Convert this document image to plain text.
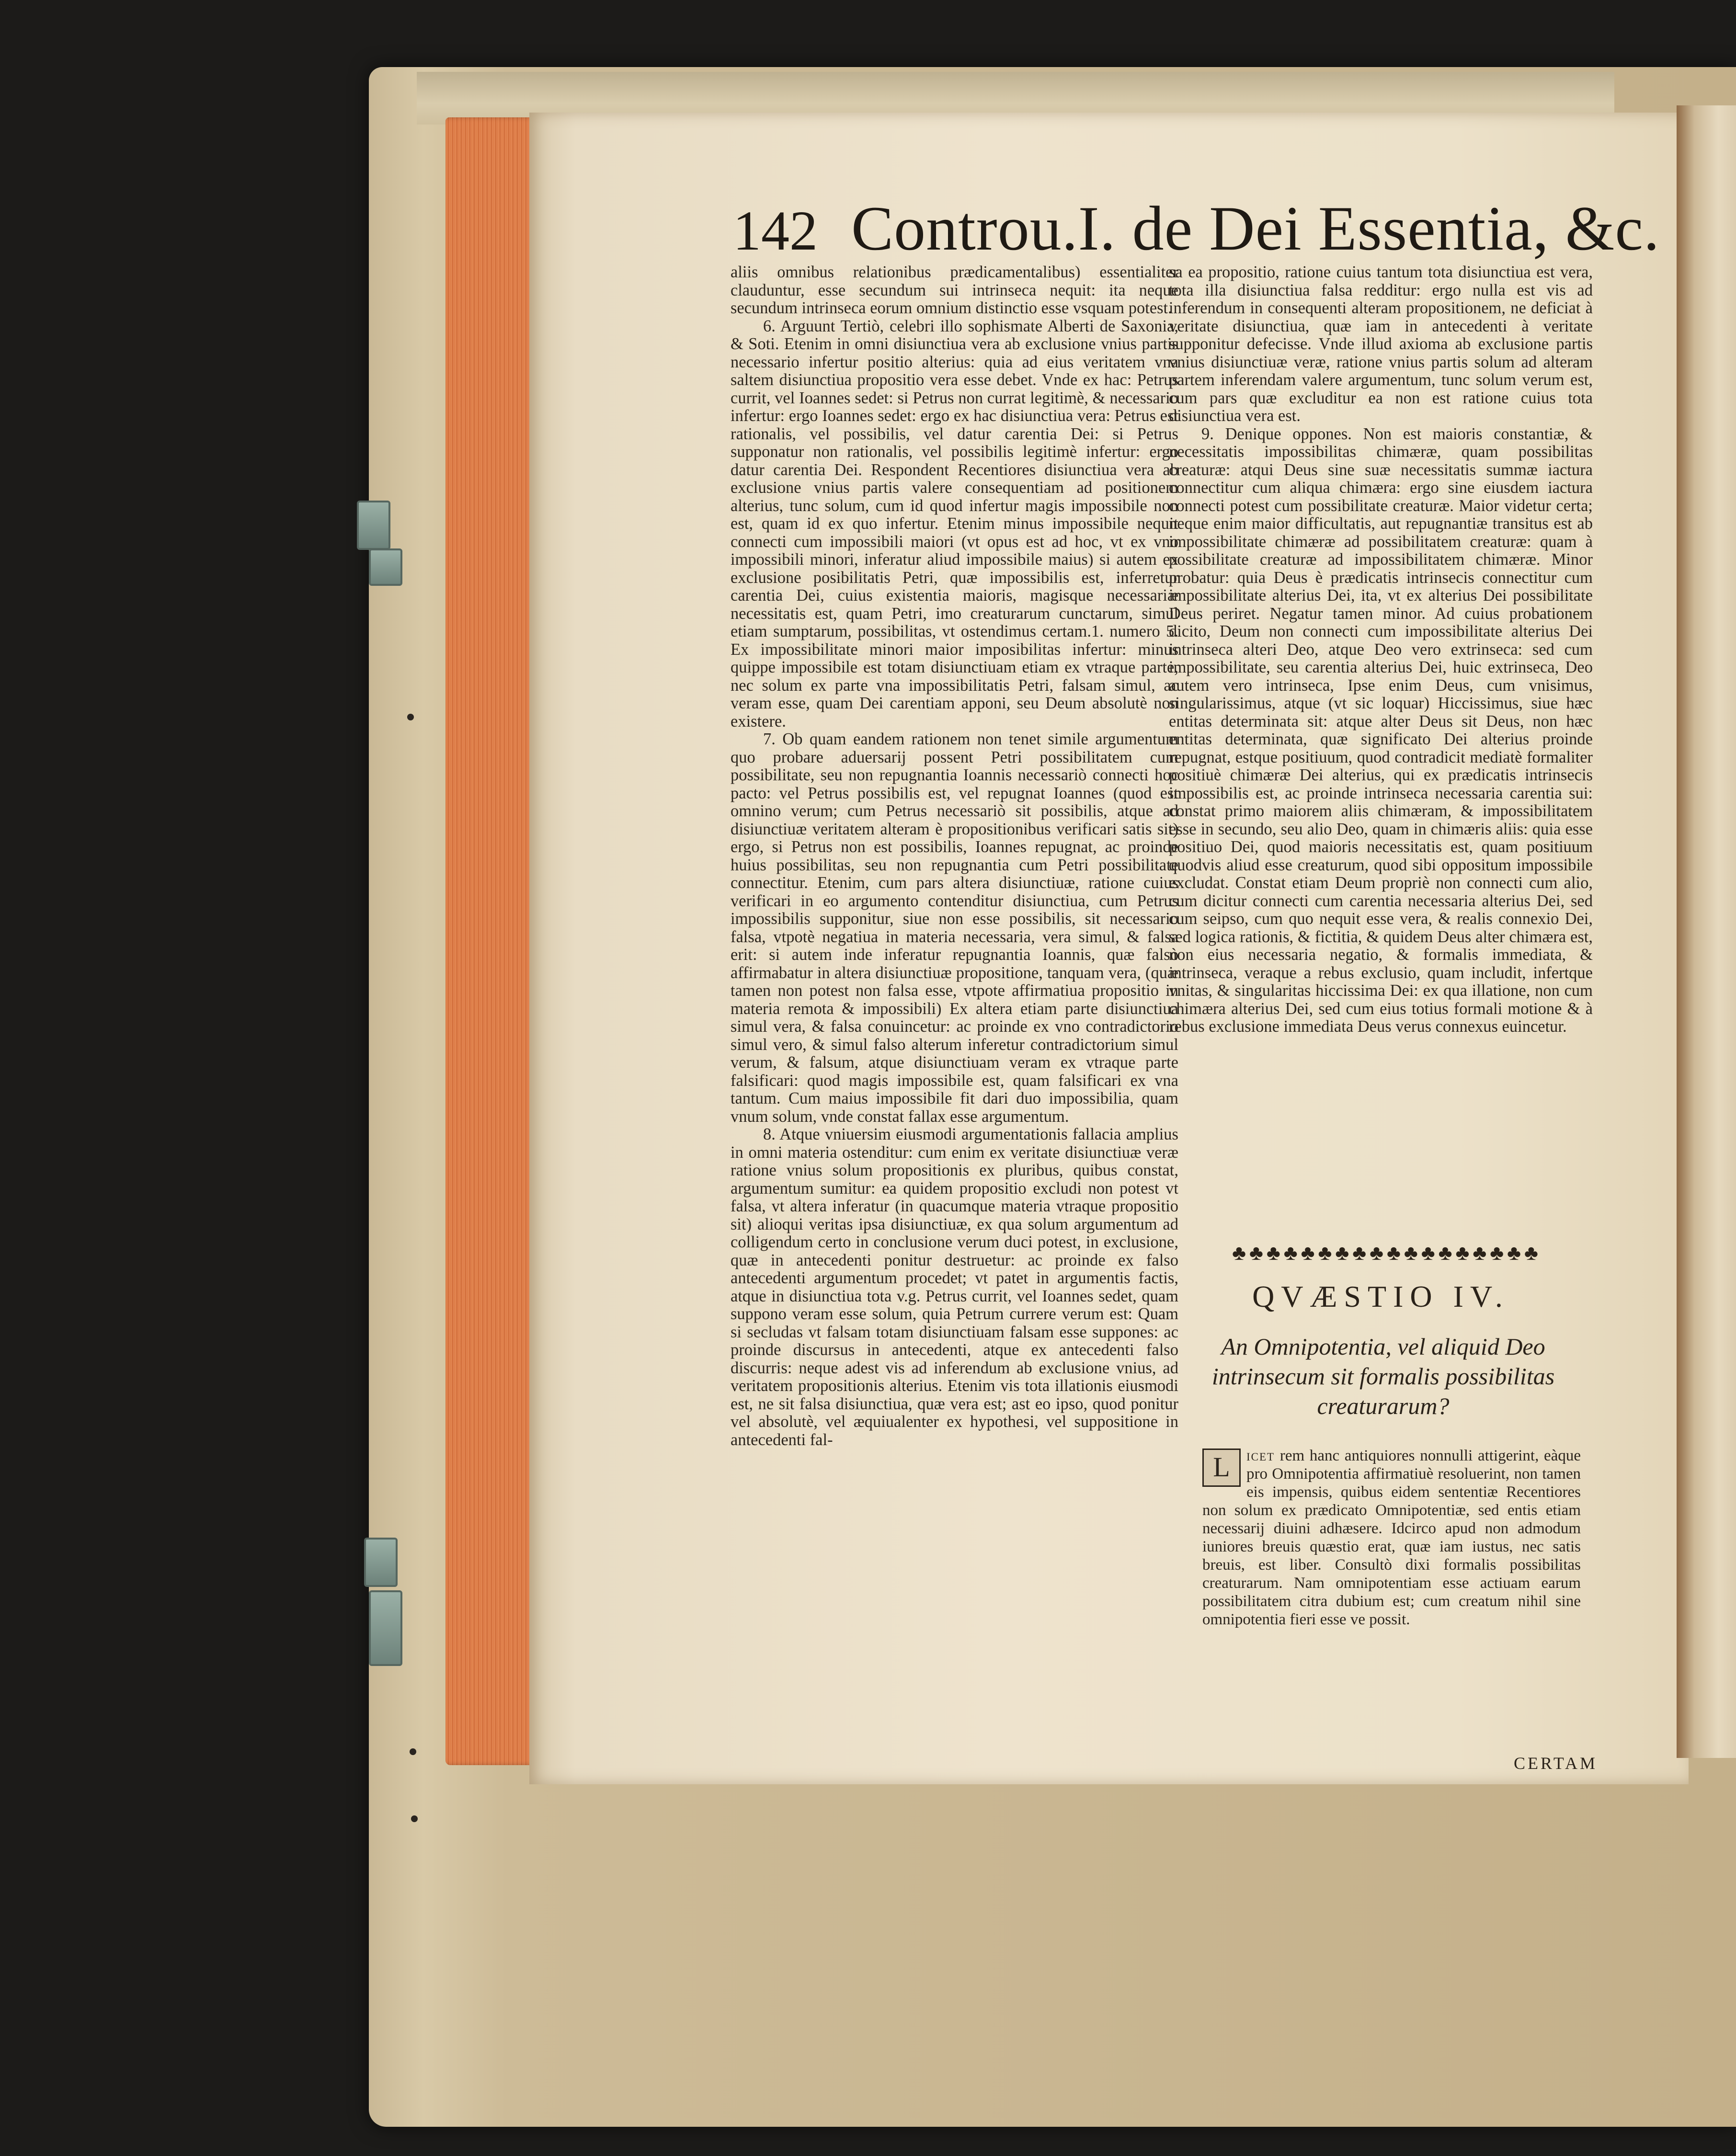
142 Controu.I. de Dei Essentia, &c.

aliis omnibus relationibus prædicamentalibus) essentialiter clauduntur, esse secundum sui intrinseca nequit: ita neque secundum intrinseca eorum omnium distinctio esse vsquam potest.

6. Arguunt Tertiò, celebri illo sophismate Alberti de Saxonia, & Soti. Etenim in omni disiunctiua vera ab exclusione vnius partis necessario infertur positio alterius: quia ad eius veritatem vna saltem disiunctiua propositio vera esse debet. Vnde ex hac: Petrus currit, vel Ioannes sedet: si Petrus non currat legitimè, & necessario infertur: ergo Ioannes sedet: ergo ex hac disiunctiua vera: Petrus est rationalis, vel possibilis, vel datur carentia Dei: si Petrus supponatur non rationalis, vel possibilis legitimè infertur: ergo datur carentia Dei. Respondent Recentiores disiunctiua vera ab exclusione vnius partis valere consequentiam ad positionem alterius, tunc solum, cum id quod infertur magis impossibile non est, quam id ex quo infertur. Etenim minus impossibile nequit connecti cum impossibili maiori (vt opus est ad hoc, vt ex vno impossibili minori, inferatur aliud impossibile maius) si autem ex exclusione posibilitatis Petri, quæ impossibilis est, inferretur carentia Dei, cuius existentia maioris, magisque necessariæ necessitatis est, quam Petri, imo creaturarum cunctarum, simul etiam sumptarum, possibilitas, vt ostendimus certam.1. numero 5. Ex impossibilitate minori maior imposibilitas infertur: minus quippe impossibile est totam disiunctiuam etiam ex vtraque parte, nec solum ex parte vna impossibilitatis Petri, falsam simul, ac veram esse, quam Dei carentiam apponi, seu Deum absolutè non existere.

7. Ob quam eandem rationem non tenet simile argumentum quo probare aduersarij possent Petri possibilitatem cum possibilitate, seu non repugnantia Ioannis necessariò connecti hoc pacto: vel Petrus possibilis est, vel repugnat Ioannes (quod est omnino verum; cum Petrus necessariò sit possibilis, atque ad disiunctiuæ veritatem alteram è propositionibus verificari satis sit) ergo, si Petrus non est possibilis, Ioannes repugnat, ac proinde huius possibilitas, seu non repugnantia cum Petri possibilitate connectitur. Etenim, cum pars altera disiunctiuæ, ratione cuius verificari in eo argumento contenditur disiunctiua, cum Petrus impossibilis supponitur, siue non esse possibilis, sit necessario falsa, vtpotè negatiua in materia necessaria, vera simul, & falsa erit: si autem inde inferatur repugnantia Ioannis, quæ falsò affirmabatur in altera disiunctiuæ propositione, tanquam vera, (quæ tamen non potest non falsa esse, vtpote affirmatiua propositio in materia remota & impossibili) Ex altera etiam parte disiunctiua simul vera, & falsa conuincetur: ac proinde ex vno contradictorio simul vero, & simul falso alterum inferetur contradictorium simul verum, & falsum, atque disiunctiuam veram ex vtraque parte falsificari: quod magis impossibile est, quam falsificari ex vna tantum. Cum maius impossibile fit dari duo impossibilia, quam vnum solum, vnde constat fallax esse argumentum.

8. Atque vniuersim eiusmodi argumentationis fallacia amplius in omni materia ostenditur: cum enim ex veritate disiunctiuæ veræ ratione vnius solum propositionis ex pluribus, quibus constat, argumentum sumitur: ea quidem propositio excludi non potest vt falsa, vt altera inferatur (in quacumque materia vtraque propositio sit) alioqui veritas ipsa disiunctiuæ, ex qua solum argumentum ad colligendum certo in conclusione verum duci potest, in exclusione, quæ in antecedenti ponitur destruetur: ac proinde ex falso antecedenti argumentum procedet; vt patet in argumentis factis, atque in disiunctiua tota v.g. Petrus currit, vel Ioannes sedet, quam suppono veram esse solum, quia Petrum currere verum est: Quam si secludas vt falsam totam disiunctiuam falsam esse suppones: ac proinde discursus in antecedenti, atque ex antecedenti falso discurris: neque adest vis ad inferendum ab exclusione vnius, ad veritatem propositionis alterius. Etenim vis tota illationis eiusmodi est, ne sit falsa disiunctiua, quæ vera est; ast eo ipso, quod ponitur vel absolutè, vel æquiualenter ex hypothesi, vel suppositione in antecedenti fal-

sa ea propositio, ratione cuius tantum tota disiunctiua est vera, tota illa disiunctiua falsa redditur: ergo nulla est vis ad inferendum in consequenti alteram propositionem, ne deficiat à veritate disiunctiua, quæ iam in antecedenti à veritate supponitur defecisse. Vnde illud axioma ab exclusione partis vnius disiunctiuæ veræ, ratione vnius partis solum ad alteram partem inferendam valere argumentum, tunc solum verum est, cum pars quæ excluditur ea non est ratione cuius tota disiunctiua vera est.

9. Denique oppones. Non est maioris constantiæ, & necessitatis impossibilitas chimæræ, quam possibilitas creaturæ: atqui Deus sine suæ necessitatis summæ iactura connectitur cum aliqua chimæra: ergo sine eiusdem iactura connecti potest cum possibilitate creaturæ. Maior videtur certa; neque enim maior difficultatis, aut repugnantiæ transitus est ab impossibilitate chimæræ ad possibilitatem creaturæ: quam à possibilitate creaturæ ad impossibilitatem chimæræ. Minor probatur: quia Deus è prædicatis intrinsecis connectitur cum impossibilitate alterius Dei, ita, vt ex alterius Dei possibilitate Deus periret. Negatur tamen minor. Ad cuius probationem dicito, Deum non connecti cum impossibilitate alterius Dei intrinseca alteri Deo, atque Deo vero extrinseca: sed cum impossibilitate, seu carentia alterius Dei, huic extrinseca, Deo autem vero intrinseca, Ipse enim Deus, cum vnisimus, singularissimus, atque (vt sic loquar) Hiccissimus, siue hæc entitas determinata sit: atque alter Deus sit Deus, non hæc entitas determinata, quæ significato Dei alterius proinde repugnat, estque positiuum, quod contradicit mediatè formaliter positiuè chimæræ Dei alterius, qui ex prædicatis intrinsecis impossibilis est, ac proinde intrinseca necessaria carentia sui: constat primo maiorem aliis chimæram, & impossibilitatem esse in secundo, seu alio Deo, quam in chimæris aliis: quia esse positiuo Dei, quod maioris necessitatis est, quam positiuum quodvis aliud esse creaturum, quod sibi oppositum impossibile excludat. Constat etiam Deum propriè non connecti cum alio, cum dicitur connecti cum carentia necessaria alterius Dei, sed cum seipso, cum quo nequit esse vera, & realis connexio Dei, sed logica rationis, & fictitia, & quidem Deus alter chimæra est, non eius necessaria negatio, & formalis immediata, & intrinseca, veraque a rebus exclusio, quam includit, infertque vnitas, & singularitas hiccissima Dei: ex qua illatione, non cum chimæra alterius Dei, sed cum eius totius formali motione & à rebus exclusione immediata Deus verus connexus euincetur.

♣♣♣♣♣♣♣♣♣♣♣♣♣♣♣♣♣♣
QVÆSTIO IV.
An Omnipotentia, vel aliquid Deo intrinsecum sit formalis possibilitas creaturarum?
L	icet rem hanc antiquiores nonnulli attigerint, eàque pro Omnipotentia affirmatiuè resoluerint, non tamen eis impensis, quibus eidem sententiæ Recentiores non solum ex prædicato Omnipotentiæ, sed entis etiam necessarij diuini adhæsere. Idcirco apud non admodum iuniores breuis quæstio erat, quæ iam iustus, nec satis breuis, est liber. Consultò dixi formalis possibilitas creaturarum. Nam omnipotentiam esse actiuam earum possibilitatem citra dubium est; cum creatum nihil sine omnipotentia fieri esse ve possit.
CERTAM
